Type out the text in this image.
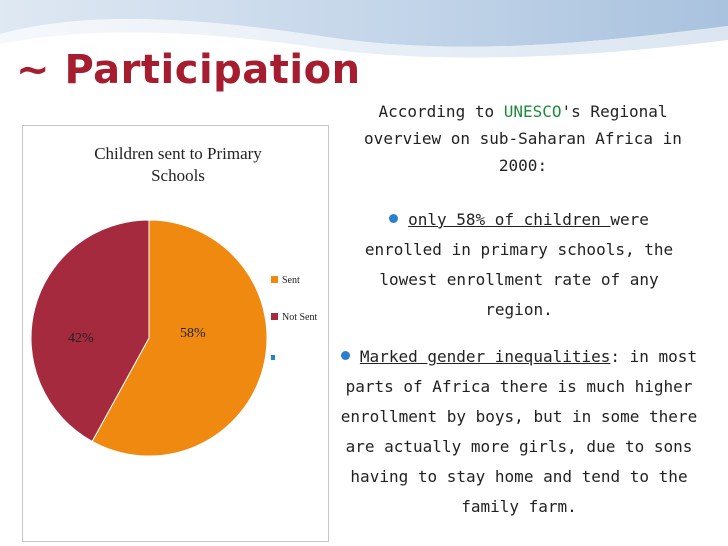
~ Participation
Children sent to Primary
Schools
58%
42%
Sent
Not Sent
According to UNESCO's Regional overview on sub-Saharan Africa in 2000:
only 58% of children were enrolled in primary schools, the lowest enrollment rate of any region.
Marked gender inequalities: in most parts of Africa there is much higher enrollment by boys, but in some there are actually more girls, due to sons having to stay home and tend to the family farm.
